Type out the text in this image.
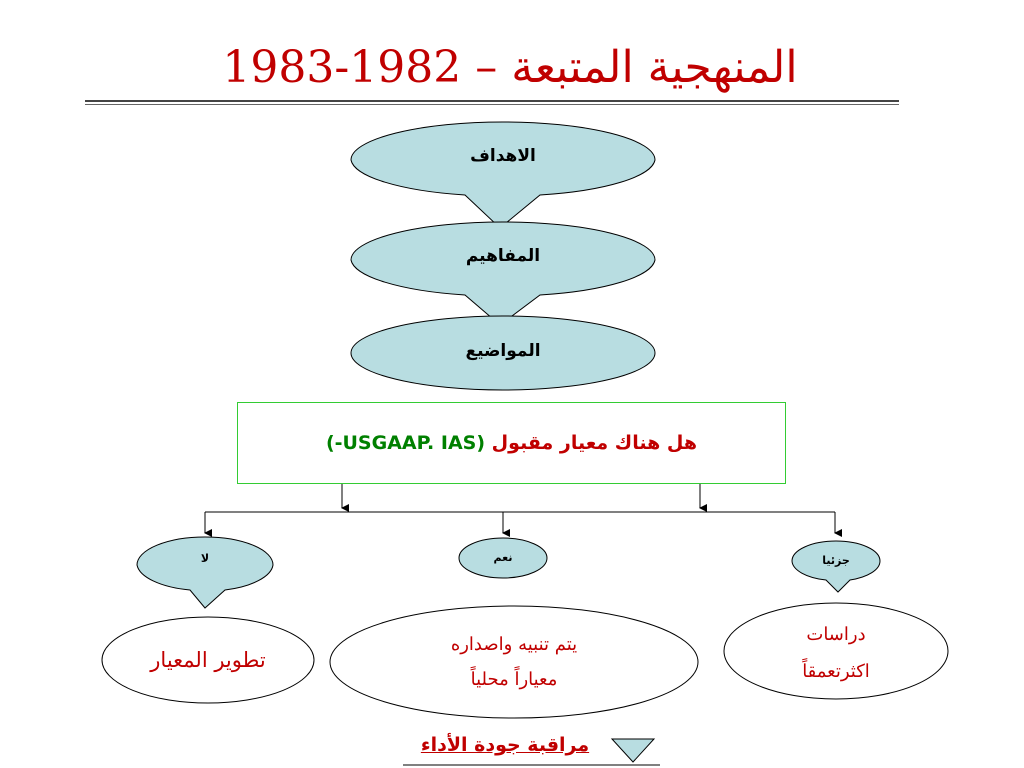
المنهجية المتبعة – 1982-1983
الاهداف
المفاهيم
المواضيع
هل هناك معيار مقبول (-USGAAP. IAS)
لا	نعم	جزئيا
تطوير المعيار
يتم تنبيه واصداره
معياراً محلياً
دراسات
اكثرتعمقاً
مراقبة جودة الأداء
